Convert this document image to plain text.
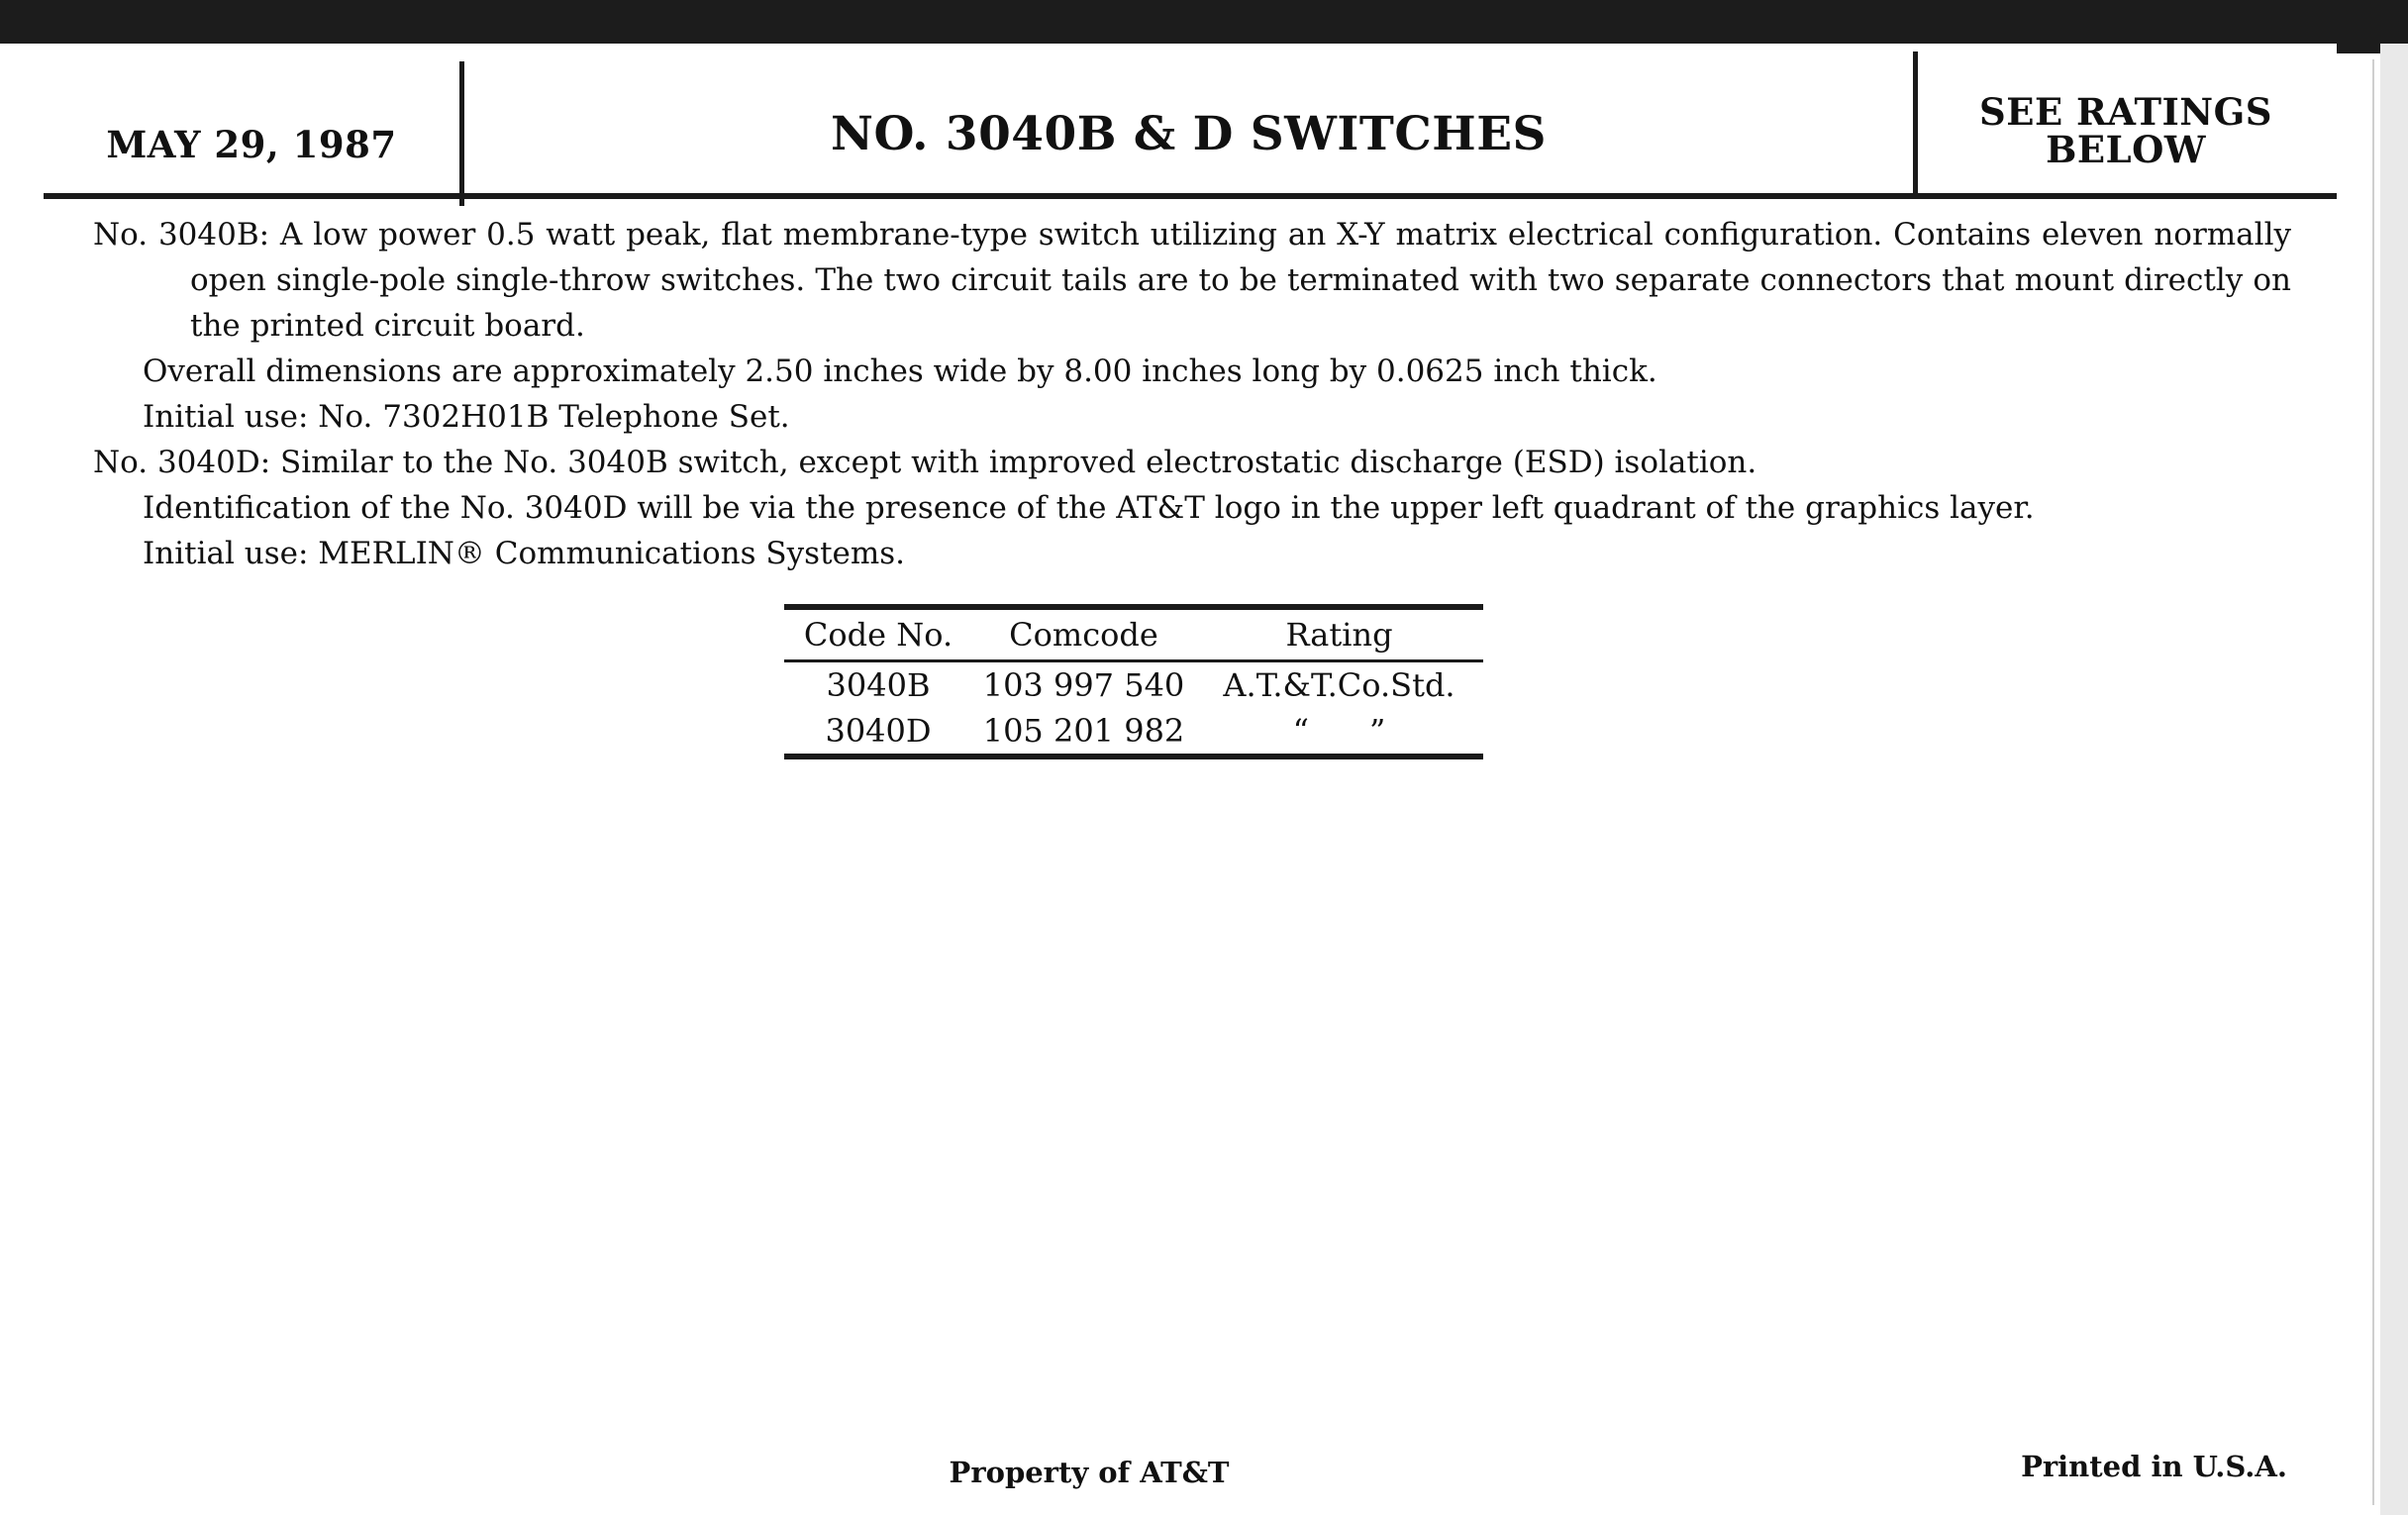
MAY 29, 1987	NO. 3040B & D SWITCHES	SEE RATINGS
BELOW

No. 3040B: A low power 0.5 watt peak, flat membrane-type switch utilizing an X-Y matrix electrical configuration. Contains eleven normally open single-pole single-throw switches. The two circuit tails are to be terminated with two separate connectors that mount directly on the printed circuit board.

Overall dimensions are approximately 2.50 inches wide by 8.00 inches long by 0.0625 inch thick.

Initial use: No. 7302H01B Telephone Set.

No. 3040D: Similar to the No. 3040B switch, except with improved electrostatic discharge (ESD) isolation.

Identification of the No. 3040D will be via the presence of the AT&T logo in the upper left quadrant of the graphics layer.

Initial use: MERLIN® Communications Systems.

Code No.	Comcode	Rating
3040B	103 997 540	A.T.&T.Co.Std.
3040D	105 201 982	“      ”
Property of AT&T	Printed in U.S.A.
